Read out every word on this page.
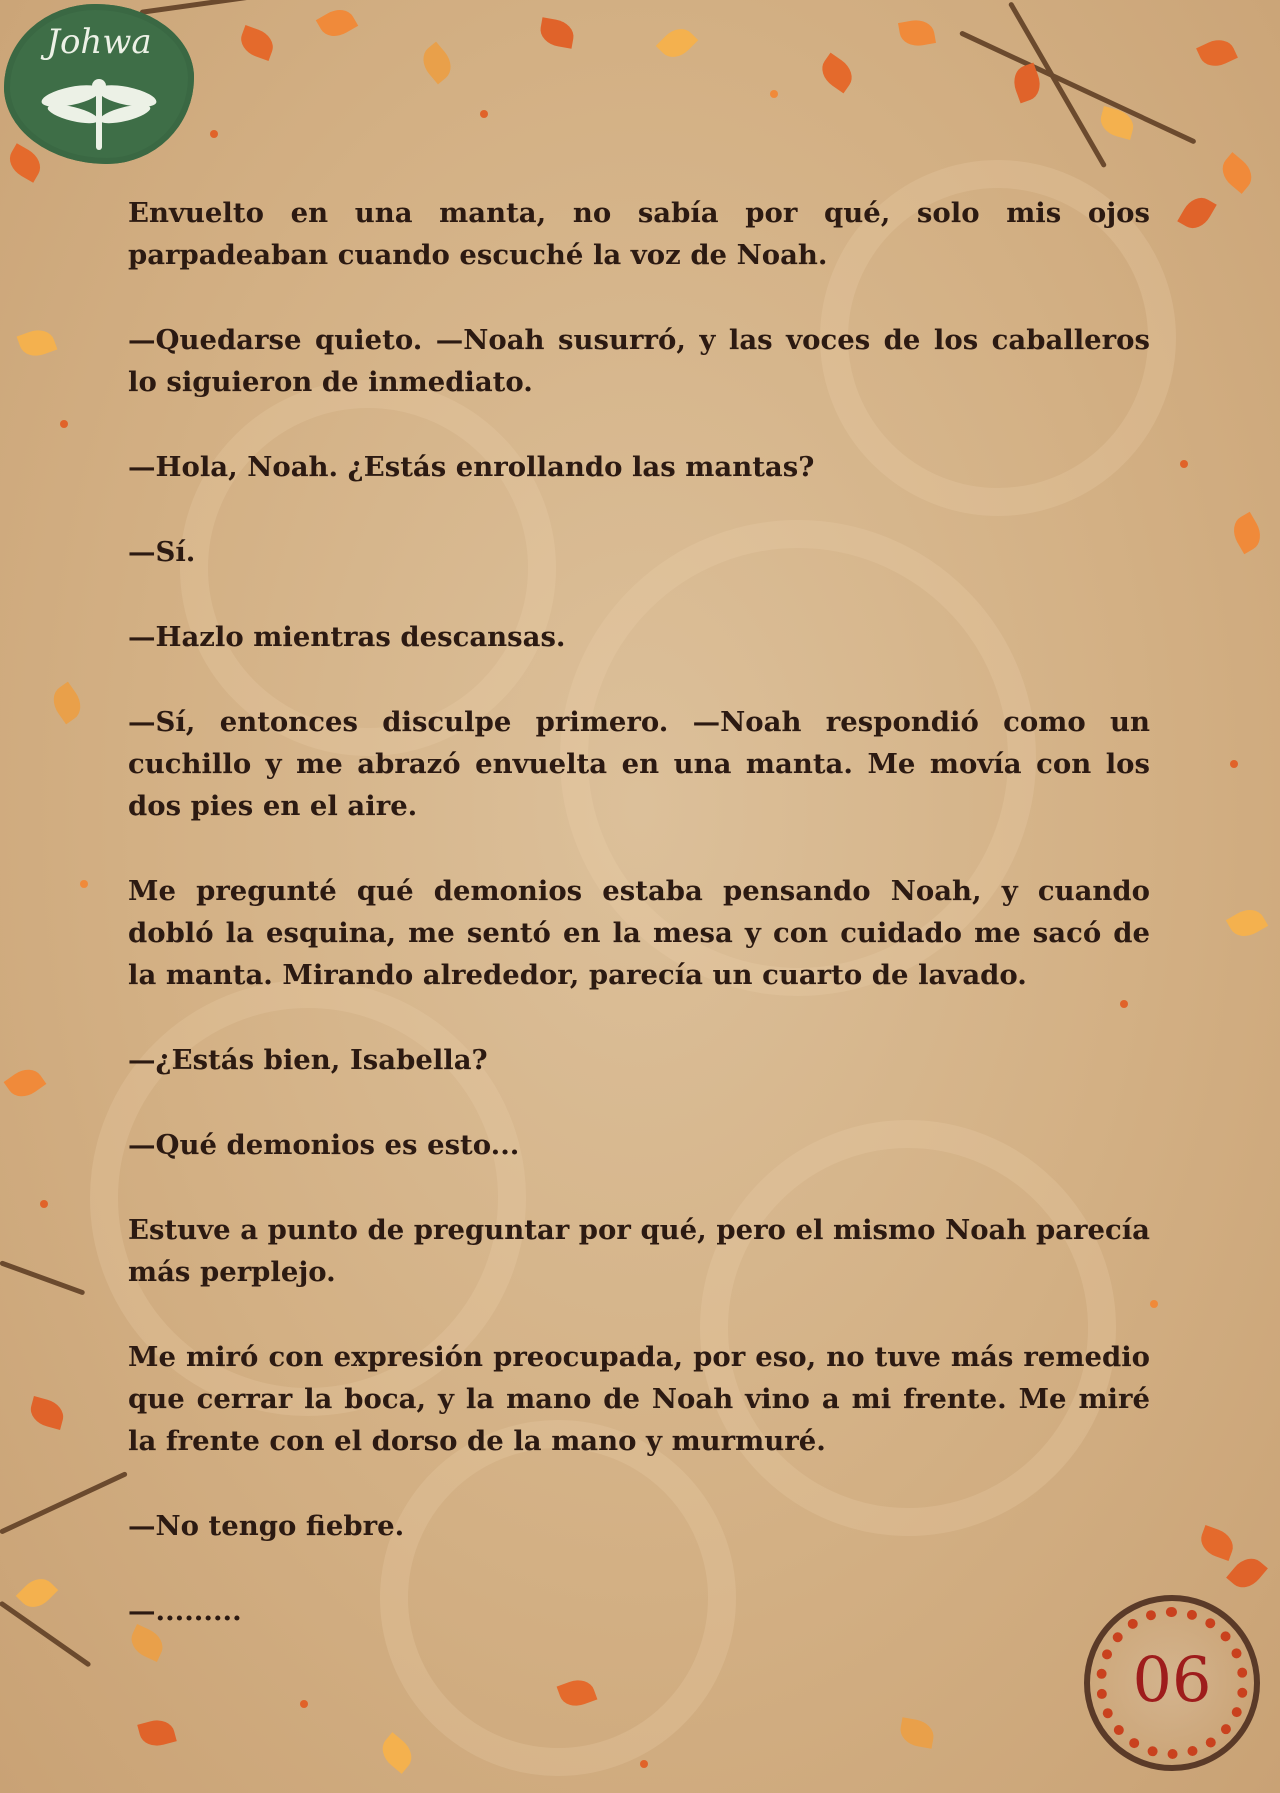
Johwa

Envuelto en una manta, no sabía por qué, solo mis ojos parpadeaban cuando escuché la voz de Noah.

—Quedarse quieto. —Noah susurró, y las voces de los caballeros lo siguieron de inmediato.

—Hola, Noah. ¿Estás enrollando las mantas?

—Sí.

—Hazlo mientras descansas.

—Sí, entonces disculpe primero. —Noah respondió como un cuchillo y me abrazó envuelta en una manta. Me movía con los dos pies en el aire.

Me pregunté qué demonios estaba pensando Noah, y cuando dobló la esquina, me sentó en la mesa y con cuidado me sacó de la manta. Mirando alrededor, parecía un cuarto de lavado.

—¿Estás bien, Isabella?

—Qué demonios es esto...

Estuve a punto de preguntar por qué, pero el mismo Noah parecía más perplejo.

Me miró con expresión preocupada, por eso, no tuve más remedio que cerrar la boca, y la mano de Noah vino a mi frente. Me miré la frente con el dorso de la mano y murmuré.

—No tengo fiebre.

—.........

06
